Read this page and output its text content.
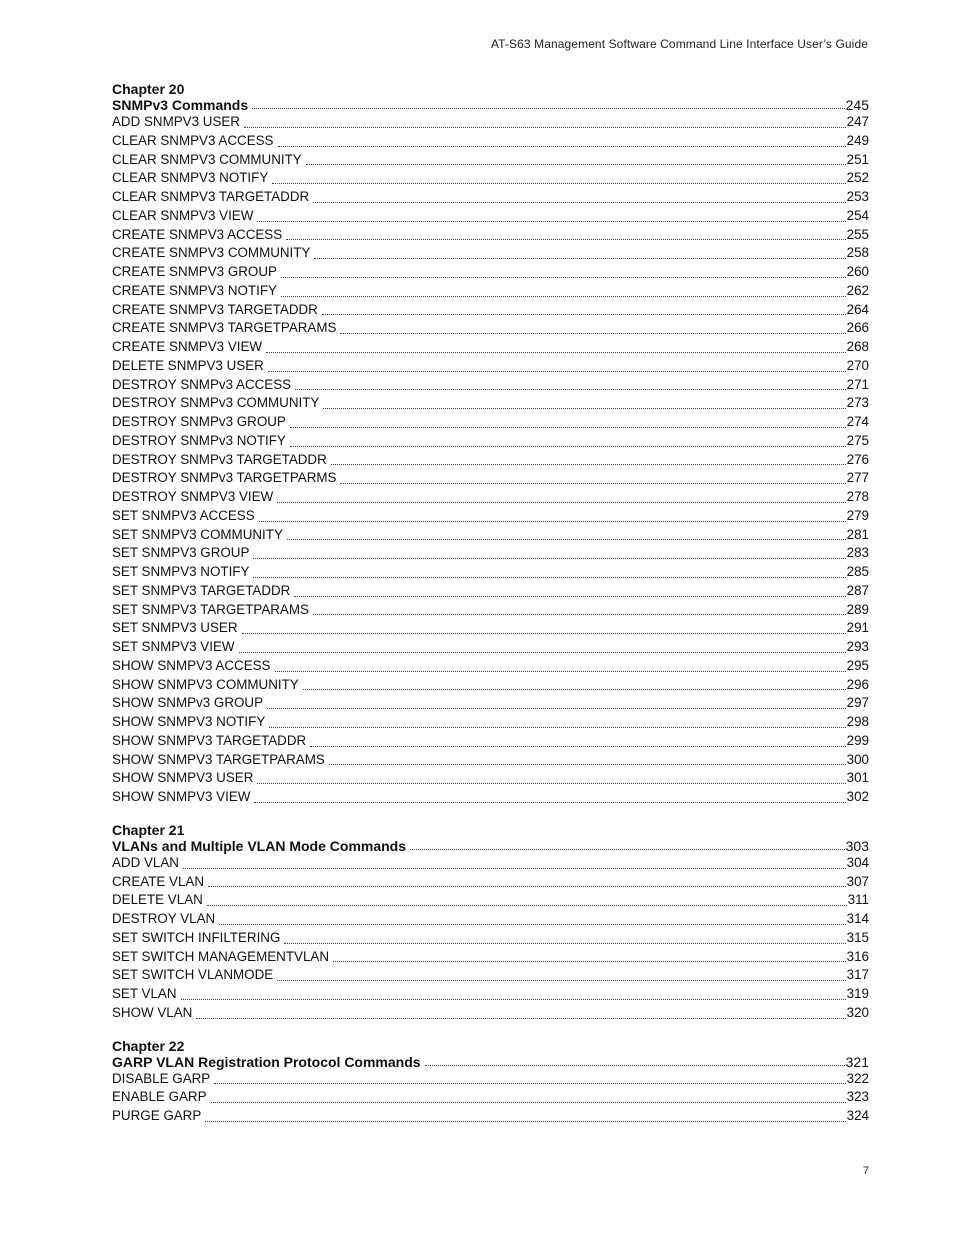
AT-S63 Management Software Command Line Interface User’s Guide
Chapter 20
SNMPv3 Commands	245
ADD SNMPV3 USER	247
CLEAR SNMPV3 ACCESS	249
CLEAR SNMPV3 COMMUNITY	251
CLEAR SNMPV3 NOTIFY	252
CLEAR SNMPV3 TARGETADDR	253
CLEAR SNMPV3 VIEW	254
CREATE SNMPV3 ACCESS	255
CREATE SNMPV3 COMMUNITY	258
CREATE SNMPV3 GROUP	260
CREATE SNMPV3 NOTIFY	262
CREATE SNMPV3 TARGETADDR	264
CREATE SNMPV3 TARGETPARAMS	266
CREATE SNMPV3 VIEW	268
DELETE SNMPV3 USER	270
DESTROY SNMPv3 ACCESS	271
DESTROY SNMPv3 COMMUNITY	273
DESTROY SNMPv3 GROUP	274
DESTROY SNMPv3 NOTIFY	275
DESTROY SNMPv3 TARGETADDR	276
DESTROY SNMPv3 TARGETPARMS	277
DESTROY SNMPV3 VIEW	278
SET SNMPV3 ACCESS	279
SET SNMPV3 COMMUNITY	281
SET SNMPV3 GROUP	283
SET SNMPV3 NOTIFY	285
SET SNMPV3 TARGETADDR	287
SET SNMPV3 TARGETPARAMS	289
SET SNMPV3 USER	291
SET SNMPV3 VIEW	293
SHOW SNMPV3 ACCESS	295
SHOW SNMPV3 COMMUNITY	296
SHOW SNMPv3 GROUP	297
SHOW SNMPV3 NOTIFY	298
SHOW SNMPV3 TARGETADDR	299
SHOW SNMPV3 TARGETPARAMS	300
SHOW SNMPV3 USER	301
SHOW SNMPV3 VIEW	302
Chapter 21
VLANs and Multiple VLAN Mode Commands	303
ADD VLAN	304
CREATE VLAN	307
DELETE VLAN	311
DESTROY VLAN	314
SET SWITCH INFILTERING	315
SET SWITCH MANAGEMENTVLAN	316
SET SWITCH VLANMODE	317
SET VLAN	319
SHOW VLAN	320
Chapter 22
GARP VLAN Registration Protocol Commands	321
DISABLE GARP	322
ENABLE GARP	323
PURGE GARP	324
7
